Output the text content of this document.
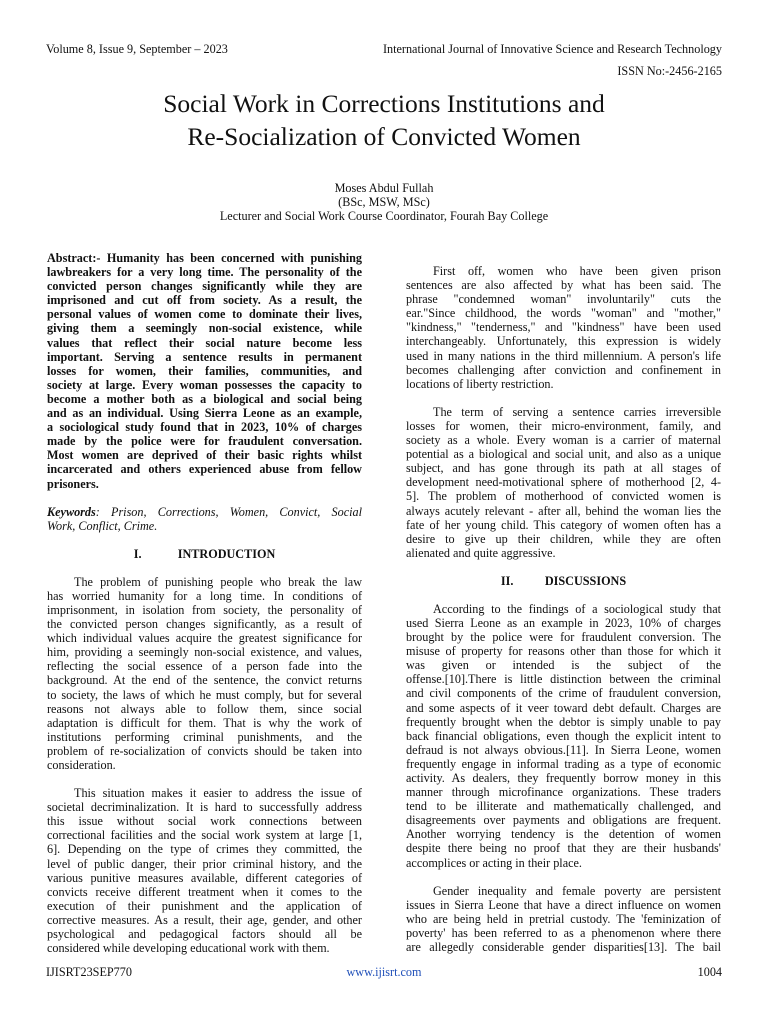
Volume 8, Issue 9, September – 2023	International Journal of Innovative Science and Research Technology
ISSN No:-2456-2165
Social Work in Corrections Institutions and
Re-Socialization of Convicted Women
Moses Abdul Fullah
(BSc, MSW, MSc)
Lecturer and Social Work Course Coordinator, Fourah Bay College

Abstract:- Humanity has been concerned with punishing

lawbreakers for a very long time. The personality of the

convicted person changes significantly while they are

imprisoned and cut off from society. As a result, the

personal values of women come to dominate their lives,

giving them a seemingly non-social existence, while

values that reflect their social nature become less

important. Serving a sentence results in permanent

losses for women, their families, communities, and

society at large. Every woman possesses the capacity to

become a mother both as a biological and social being

and as an individual. Using Sierra Leone as an example,

a sociological study found that in 2023, 10% of charges

made by the police were for fraudulent conversation.

Most women are deprived of their basic rights whilst

incarcerated and others experienced abuse from fellow

prisoners.

Keywords: Prison, Corrections, Women, Convict, Social

Work, Conflict, Crime.

I.	INTRODUCTION

The problem of punishing people who break the law

has worried humanity for a long time. In conditions of

imprisonment, in isolation from society, the personality of

the convicted person changes significantly, as a result of

which individual values acquire the greatest significance for

him, providing a seemingly non-social existence, and values,

reflecting the social essence of a person fade into the

background. At the end of the sentence, the convict returns

to society, the laws of which he must comply, but for several

reasons not always able to follow them, since social

adaptation is difficult for them. That is why the work of

institutions performing criminal punishments, and the

problem of re-socialization of convicts should be taken into

consideration.

This situation makes it easier to address the issue of

societal decriminalization. It is hard to successfully address

this issue without social work connections between

correctional facilities and the social work system at large [1,

6]. Depending on the type of crimes they committed, the

level of public danger, their prior criminal history, and the

various punitive measures available, different categories of

convicts receive different treatment when it comes to the

execution of their punishment and the application of

corrective measures. As a result, their age, gender, and other

psychological and pedagogical factors should all be

considered while developing educational work with them.

First off, women who have been given prison

sentences are also affected by what has been said. The

phrase "condemned woman" involuntarily" cuts the

ear."Since childhood, the words "woman" and "mother,"

"kindness," "tenderness," and "kindness" have been used

interchangeably. Unfortunately, this expression is widely

used in many nations in the third millennium. A person's life

becomes challenging after conviction and confinement in

locations of liberty restriction.

The term of serving a sentence carries irreversible

losses for women, their micro-environment, family, and

society as a whole. Every woman is a carrier of maternal

potential as a biological and social unit, and also as a unique

subject, and has gone through its path at all stages of

development need-motivational sphere of motherhood [2, 4-

5]. The problem of motherhood of convicted women is

always acutely relevant - after all, behind the woman lies the

fate of her young child. This category of women often has a

desire to give up their children, while they are often

alienated and quite aggressive.

II.	DISCUSSIONS

According to the findings of a sociological study that

used Sierra Leone as an example in 2023, 10% of charges

brought by the police were for fraudulent conversion. The

misuse of property for reasons other than those for which it

was given or intended is the subject of the

offense.[10].There is little distinction between the criminal

and civil components of the crime of fraudulent conversion,

and some aspects of it veer toward debt default. Charges are

frequently brought when the debtor is simply unable to pay

back financial obligations, even though the explicit intent to

defraud is not always obvious.[11]. In Sierra Leone, women

frequently engage in informal trading as a type of economic

activity. As dealers, they frequently borrow money in this

manner through microfinance organizations. These traders

tend to be illiterate and mathematically challenged, and

disagreements over payments and obligations are frequent.

Another worrying tendency is the detention of women

despite there being no proof that they are their husbands'

accomplices or acting in their place.

Gender inequality and female poverty are persistent

issues in Sierra Leone that have a direct influence on women

who are being held in pretrial custody. The 'feminization of

poverty' has been referred to as a phenomenon where there

are allegedly considerable gender disparities[13]. The bail

IJISRT23SEP770	www.ijisrt.com	1004
